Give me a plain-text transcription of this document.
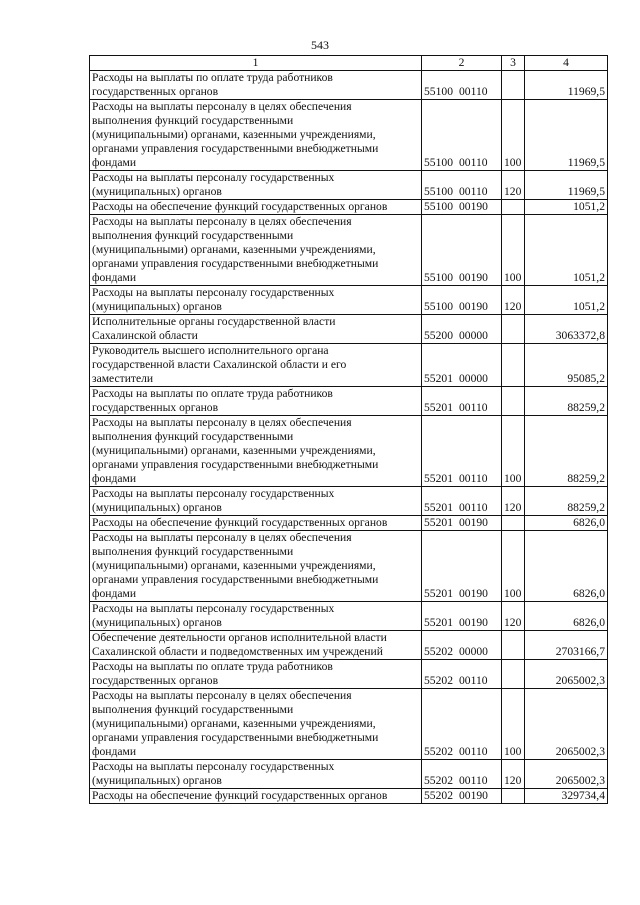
543
1	2	3	4

Расходы на выплаты по оплате труда работников
государственных органов	55100 00110		11969,5

Расходы на выплаты персоналу в целях обеспечения
выполнения функций государственными
(муниципальными) органами, казенными учреждениями,
органами управления государственными внебюджетными
фондами	55100 00110	100	11969,5

Расходы на выплаты персоналу государственных
(муниципальных) органов	55100 00110	120	11969,5

Расходы на обеспечение функций государственных органов	55100 00190		1051,2

Расходы на выплаты персоналу в целях обеспечения
выполнения функций государственными
(муниципальными) органами, казенными учреждениями,
органами управления государственными внебюджетными
фондами	55100 00190	100	1051,2

Расходы на выплаты персоналу государственных
(муниципальных) органов	55100 00190	120	1051,2

Исполнительные органы государственной власти
Сахалинской области	55200 00000		3063372,8

Руководитель высшего исполнительного органа
государственной власти Сахалинской области и его
заместители	55201 00000		95085,2

Расходы на выплаты по оплате труда работников
государственных органов	55201 00110		88259,2

Расходы на выплаты персоналу в целях обеспечения
выполнения функций государственными
(муниципальными) органами, казенными учреждениями,
органами управления государственными внебюджетными
фондами	55201 00110	100	88259,2

Расходы на выплаты персоналу государственных
(муниципальных) органов	55201 00110	120	88259,2

Расходы на обеспечение функций государственных органов	55201 00190		6826,0

Расходы на выплаты персоналу в целях обеспечения
выполнения функций государственными
(муниципальными) органами, казенными учреждениями,
органами управления государственными внебюджетными
фондами	55201 00190	100	6826,0

Расходы на выплаты персоналу государственных
(муниципальных) органов	55201 00190	120	6826,0

Обеспечение деятельности органов исполнительной власти
Сахалинской области и подведомственных им учреждений	55202 00000		2703166,7

Расходы на выплаты по оплате труда работников
государственных органов	55202 00110		2065002,3

Расходы на выплаты персоналу в целях обеспечения
выполнения функций государственными
(муниципальными) органами, казенными учреждениями,
органами управления государственными внебюджетными
фондами	55202 00110	100	2065002,3

Расходы на выплаты персоналу государственных
(муниципальных) органов	55202 00110	120	2065002,3

Расходы на обеспечение функций государственных органов	55202 00190		329734,4
